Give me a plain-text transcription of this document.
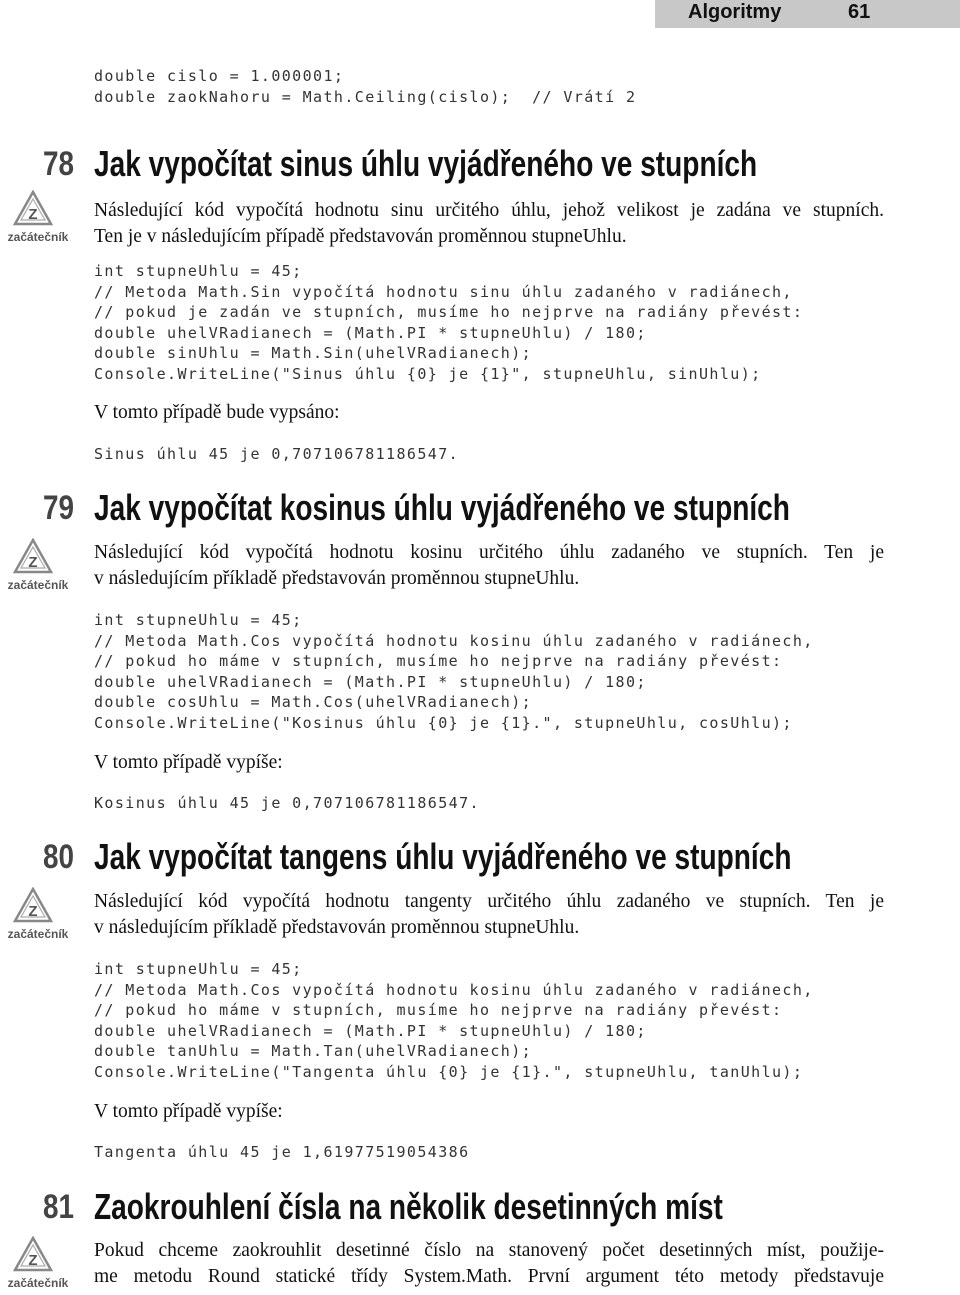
Algoritmy	61
double cislo = 1.000001;
double zaokNahoru = Math.Ceiling(cislo);  // Vrátí 2
78 Jak vypočítat sinus úhlu vyjádřeného ve stupních
Z
začátečník

Následující kód vypočítá hodnotu sinu určitého úhlu, jehož velikost je zadána ve stupních.

Ten je v následujícím případě představován proměnnou stupneUhlu.

int stupneUhlu = 45;
// Metoda Math.Sin vypočítá hodnotu sinu úhlu zadaného v radiánech,
// pokud je zadán ve stupních, musíme ho nejprve na radiány převést:
double uhelVRadianech = (Math.PI * stupneUhlu) / 180;
double sinUhlu = Math.Sin(uhelVRadianech);
Console.WriteLine("Sinus úhlu {0} je {1}", stupneUhlu, sinUhlu);
V tomto případě bude vypsáno:
Sinus úhlu 45 je 0,707106781186547.
79 Jak vypočítat kosinus úhlu vyjádřeného ve stupních
Z
začátečník

Následující kód vypočítá hodnotu kosinu určitého úhlu zadaného ve stupních. Ten je

v následujícím příkladě představován proměnnou stupneUhlu.

int stupneUhlu = 45;
// Metoda Math.Cos vypočítá hodnotu kosinu úhlu zadaného v radiánech,
// pokud ho máme v stupních, musíme ho nejprve na radiány převést:
double uhelVRadianech = (Math.PI * stupneUhlu) / 180;
double cosUhlu = Math.Cos(uhelVRadianech);
Console.WriteLine("Kosinus úhlu {0} je {1}.", stupneUhlu, cosUhlu);
V tomto případě vypíše:
Kosinus úhlu 45 je 0,707106781186547.
80 Jak vypočítat tangens úhlu vyjádřeného ve stupních
Z
začátečník

Následující kód vypočítá hodnotu tangenty určitého úhlu zadaného ve stupních. Ten je

v následujícím příkladě představován proměnnou stupneUhlu.

int stupneUhlu = 45;
// Metoda Math.Cos vypočítá hodnotu kosinu úhlu zadaného v radiánech,
// pokud ho máme v stupních, musíme ho nejprve na radiány převést:
double uhelVRadianech = (Math.PI * stupneUhlu) / 180;
double tanUhlu = Math.Tan(uhelVRadianech);
Console.WriteLine("Tangenta úhlu {0} je {1}.", stupneUhlu, tanUhlu);
V tomto případě vypíše:
Tangenta úhlu 45 je 1,61977519054386
81 Zaokrouhlení čísla na několik desetinných míst
Z
začátečník

Pokud chceme zaokrouhlit desetinné číslo na stanovený počet desetinných míst, použije-

me metodu Round statické třídy System.Math. První argument této metody představuje
